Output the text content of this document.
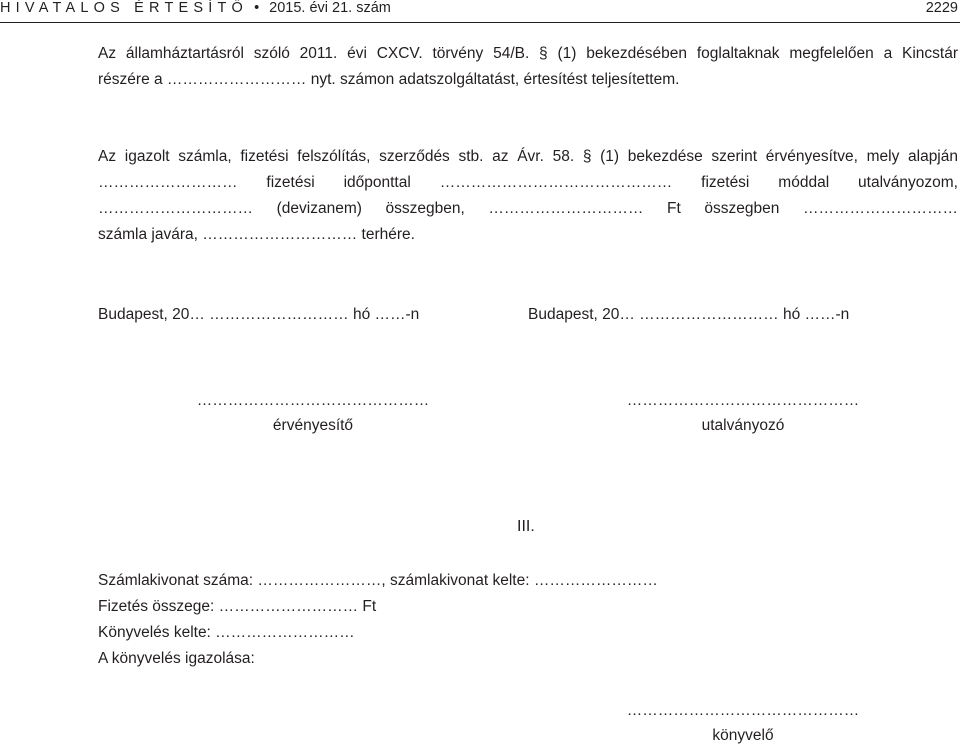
HIVATALOS ÉRTESÍTŐ • 2015. évi 21. szám	2229
Az államháztartásról szóló 2011. évi CXCV. törvény 54/B. § (1) bekezdésében foglaltaknak megfelelően a Kincstár
részére a ……………………… nyt. számon adatszolgáltatást, értesítést teljesítettem.
Az igazolt számla, fizetési felszólítás, szerződés stb. az Ávr. 58. § (1) bekezdése szerint érvényesítve, mely alapján
……………………… fizetési időponttal ……………………………………… fizetési móddal utalványozom,
………………………… (devizanem) összegben, ………………………… Ft összegben …………………………
számla javára, ………………………… terhére.
Budapest, 20… ……………………… hó ……-n	Budapest, 20… ……………………… hó ……-n
………………………………………
érvényesítő
………………………………………
utalványozó
III.
Számlakivonat száma: ……………………, számlakivonat kelte: ……………………
Fizetés összege: ……………………… Ft
Könyvelés kelte: ………………………
A könyvelés igazolása:
………………………………………
könyvelő
